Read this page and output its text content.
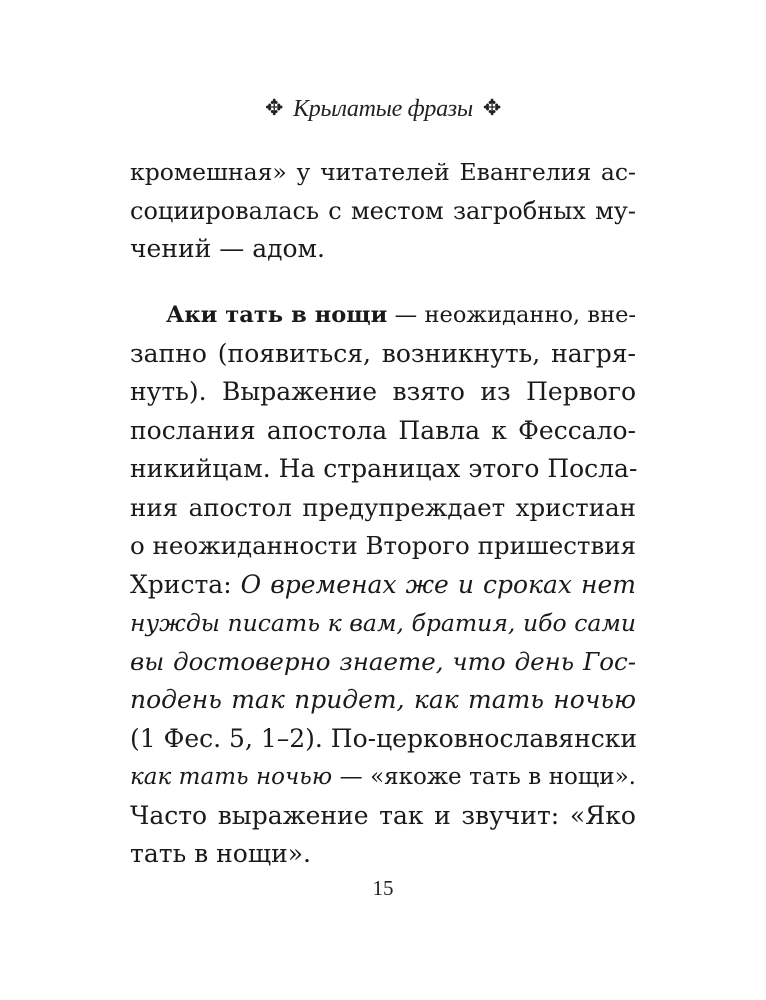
✥ Крылатые фразы ✥
кромешная» у читателей Евангелия ас-
социировалась с местом загробных му-
чений — адом.
Аки тать в нощи — неожиданно, вне-
запно (появиться, возникнуть, нагря-
нуть). Выражение взято из Первого
послания апостола Павла к Фессало-
никийцам. На страницах этого Посла-
ния апостол предупреждает христиан
о неожиданности Второго пришествия
Христа: О временах же и сроках нет
нужды писать к вам, братия, ибо сами
вы достоверно знаете, что день Гос-
подень так придет, как тать ночью
(1 Фес. 5, 1–2). По-церковнославянски
как тать ночью — «якоже тать в нощи».
Часто выражение так и звучит: «Яко
тать в нощи».
15
